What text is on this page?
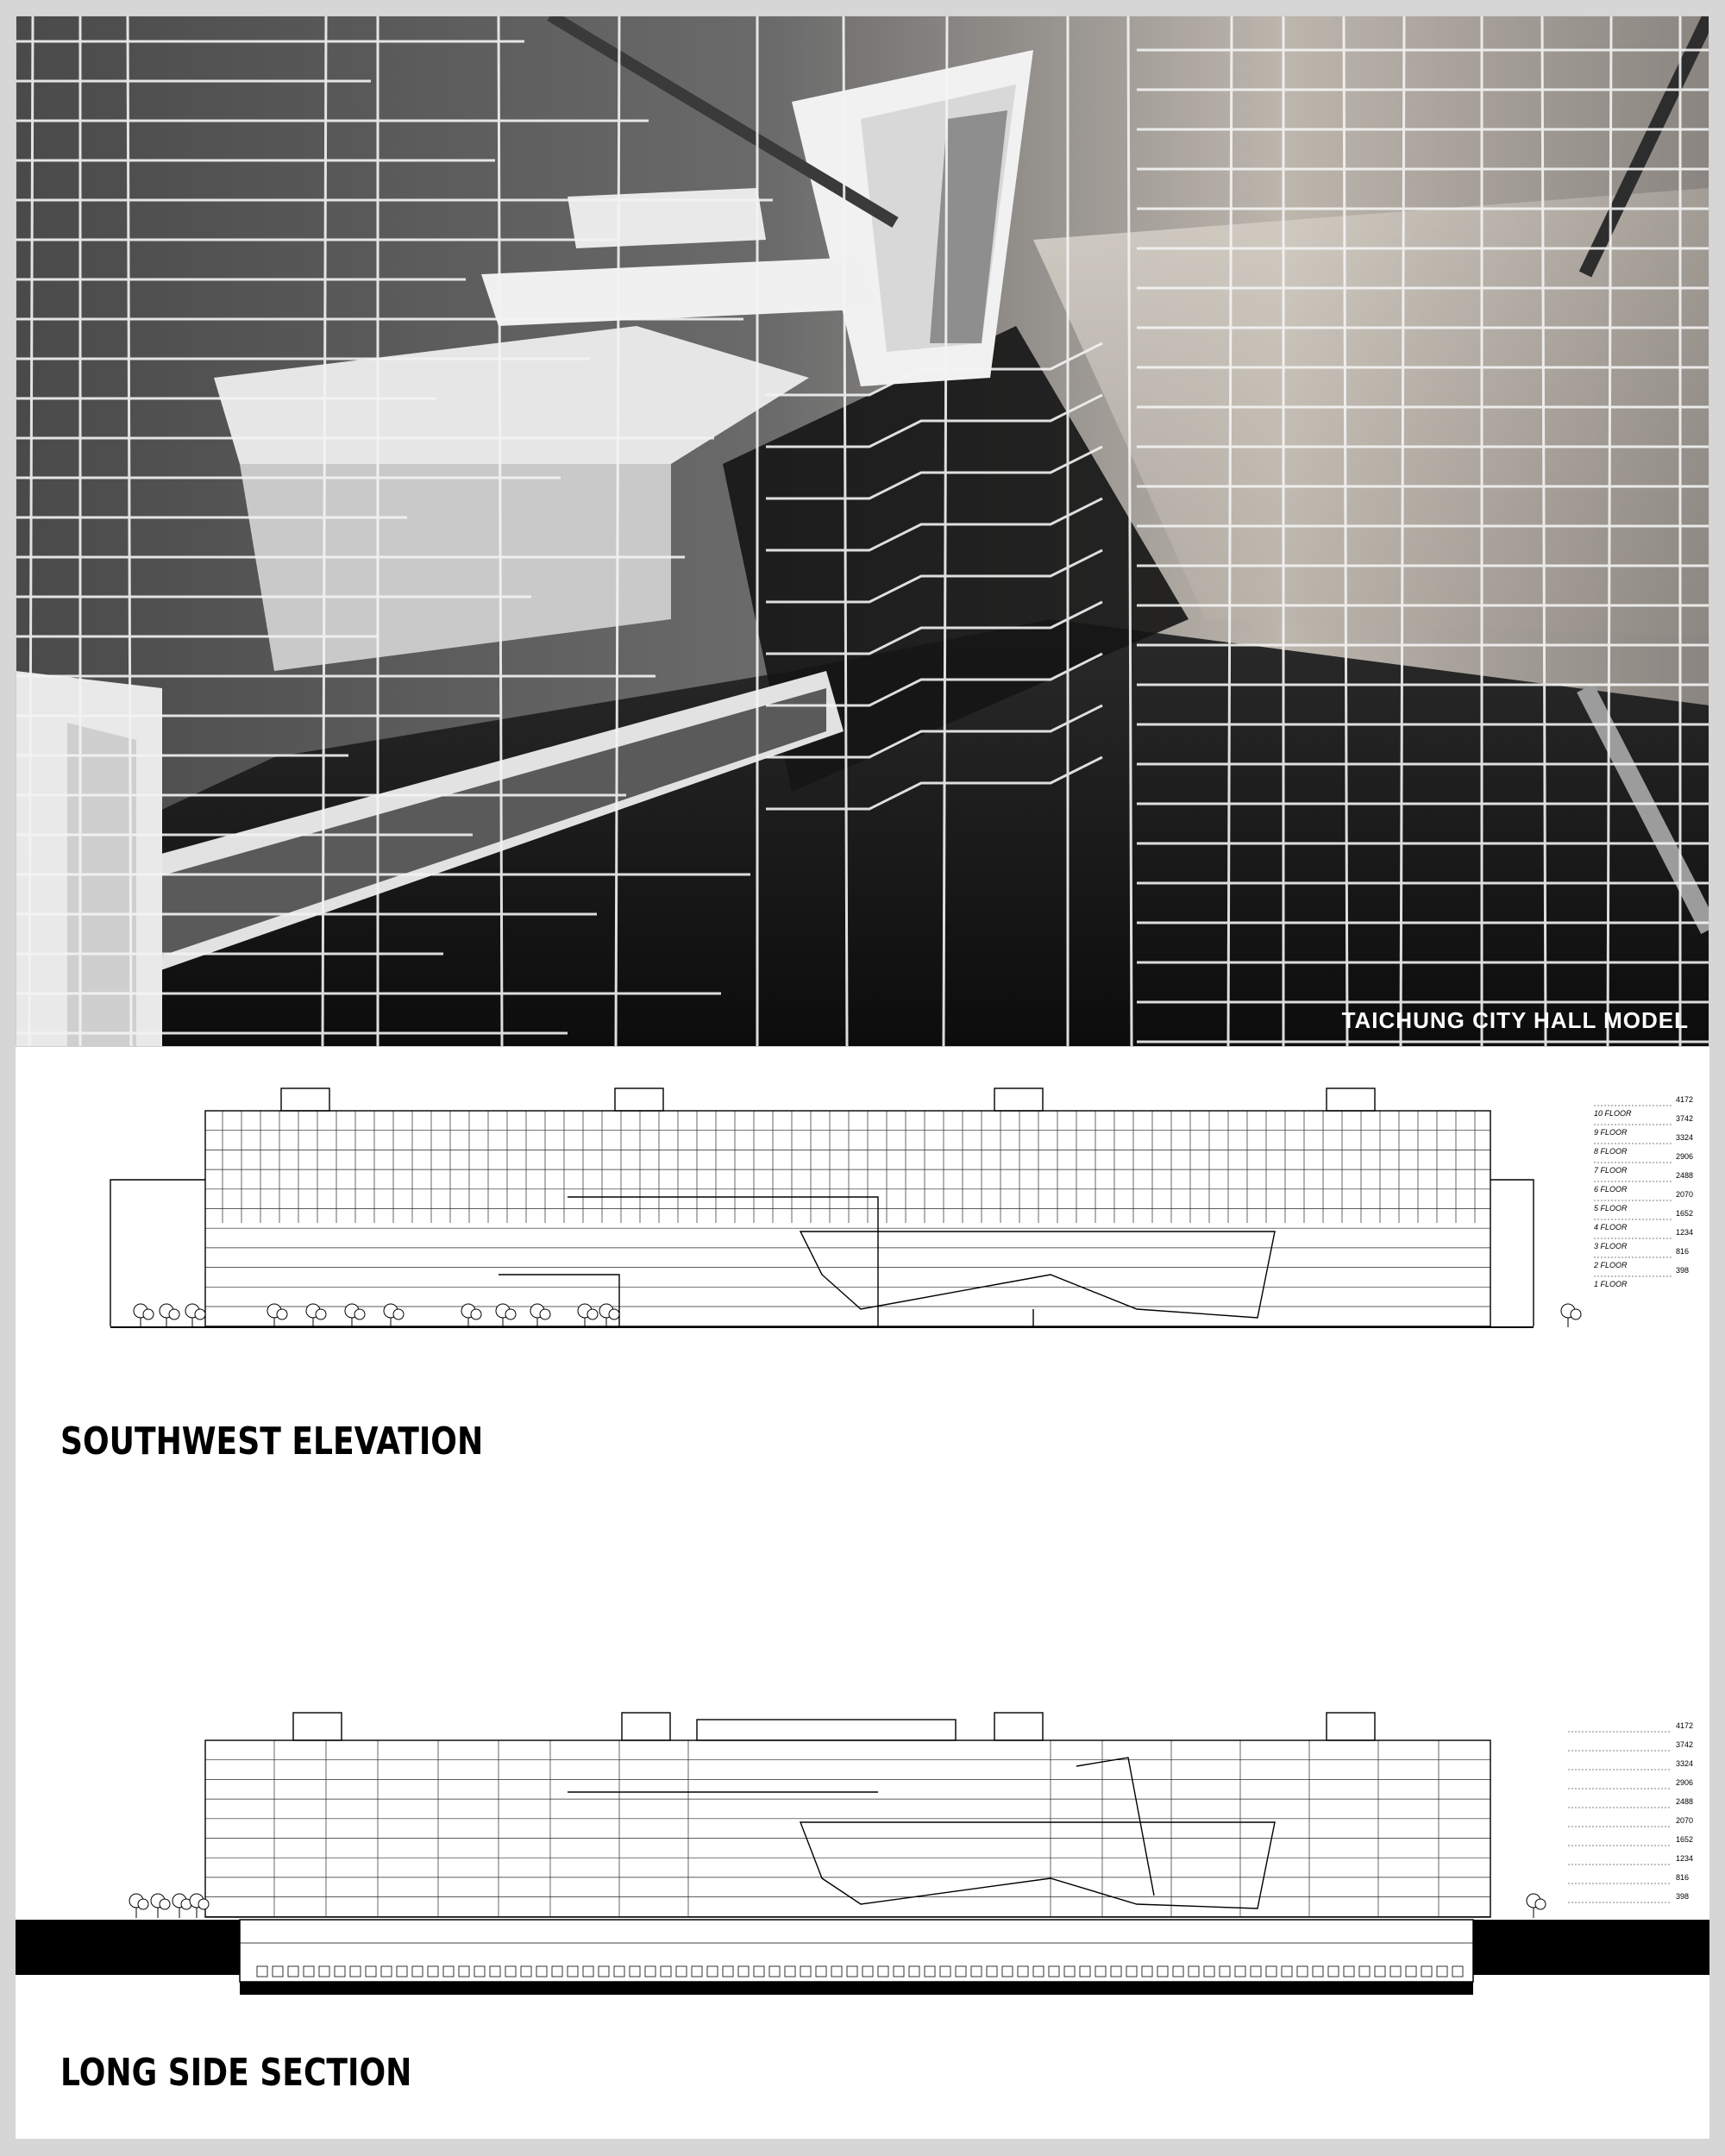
TAICHUNG CITY HALL MODEL
4172
3742
3324
2906
2488
2070
1652
1234
816
398
10 FLOOR
9 FLOOR
8 FLOOR
7 FLOOR
6 FLOOR
5 FLOOR
4 FLOOR
3 FLOOR
2 FLOOR
1 FLOOR
SOUTHWEST ELEVATION
4172
3742
3324
2906
2488
2070
1652
1234
816
398
LONG SIDE SECTION
